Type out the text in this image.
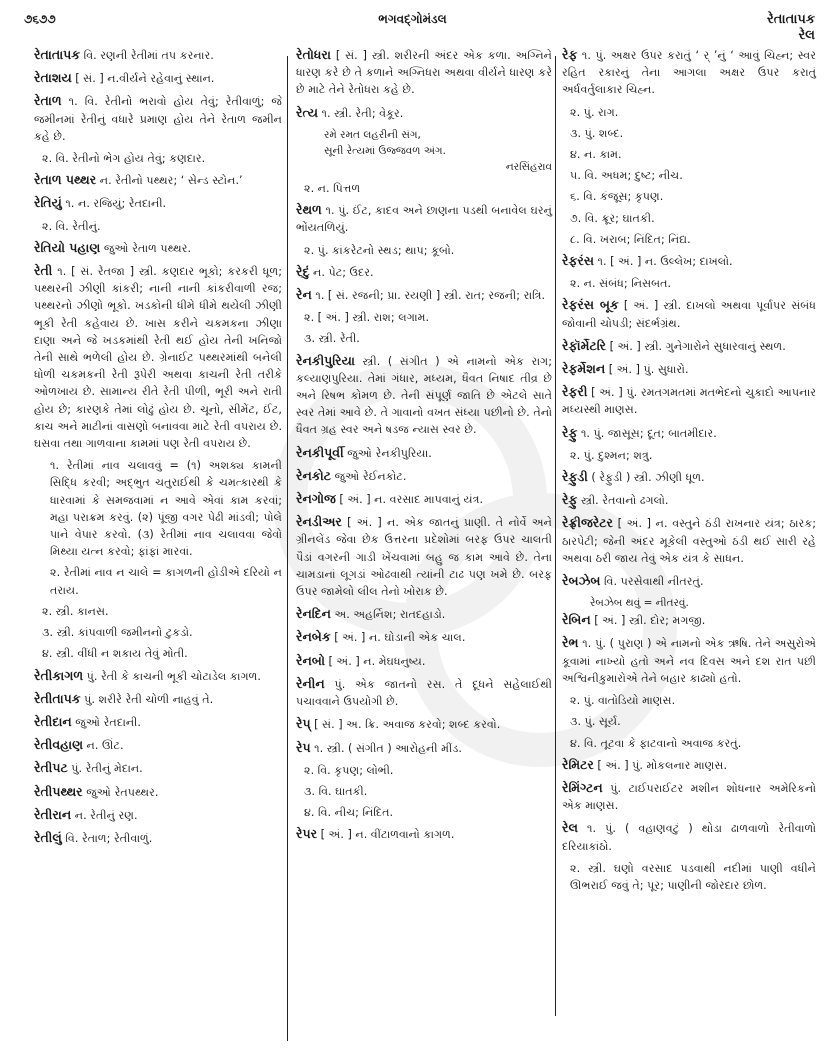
૭૬૭૭	ભગવદ્ગોમંડલ	રેતાતાપક
રેલ
રેતાતાપક વિ. રણની રેતીમાં તપ કરનાર.
રેતાશય [ સં. ] ન.વીર્યને રહેવાનું સ્થાન.
રેતાળ ૧. વિ. રેતીનો ભરાવો હોય તેવું; રેતીવાળું; જે જમીનમાં રેતીનું વધારે પ્રમાણ હોય તેને રેતાળ જમીન કહે છે.
૨. વિ. રેતીનો ભેગ હોય તેવું; કણદાર.
રેતાળ પથ્થર ન. રેતીનો પથ્થર; ‘ સેન્ડ સ્ટોન.’
રેતિયું ૧. ન. રજિયું; રેતદાની.
૨. વિ. રેતીનું.
રેતિયો પહાણ જુઓ રેતાળ પથ્થર.
રેતી ૧. [ સં. રેતજા ] સ્ત્રી. કણદાર ભૂકો; કરકરી ધૂળ; પથ્થરની ઝીણી કાંકરી; નાની નાની કાંકરીવાળી રજ; પથ્થરનો ઝીણો ભૂકો. ખડકોની ધીમે ધીમે થયેલી ઝીણી ભૂકી રેતી કહેવાય છે. ખાસ કરીને ચકમકના ઝીણા દાણા અને જે ખડકમાંથી રેતી થઈ હોય તેની ખનિજો તેની સાથે ભળેલી હોય છે. ગ્રેનાઈટ પથ્થરમાંથી બનેલી ધોળી ચકમકની રેતી રૂપેરી અથવા કાચની રેતી તરીકે ઓળખાય છે. સામાન્ય રીતે રેતી પીળી, ભૂરી અને રાતી હોય છે; કારણકે તેમાં લોઢું હોય છે. ચૂનો, સીમેંટ, ઈંટ, કાચ અને માટીનાં વાસણો બનાવવા માટે રેતી વપરાય છે. ઘસવા તથા ગાળવાના કામમાં પણ રેતી વપરાય છે.
૧. રેતીમાં નાવ ચલાવવું = (૧) અશક્ય કામની સિદ્ધિ કરવી; અદ્ભુત ચતુરાઈથી કે ચમત્કારથી કે ધારવામાં કે સમજવામાં ન આવે એવાં કામ કરવાં; મહા પરાક્રમ કરવું. (૨) પૂંજી વગર પેઢી માંડવી; પોલે પાને વેપાર કરવો. (૩) રેતીમાં નાવ ચલાવવા જેવો મિથ્યા યત્ન કરવો; ફાંફાં મારવાં.
૨. રેતીમાં નાવ ન ચાલે = કાગળની હોડીએ દરિયો ન તરાય.
૨. સ્ત્રી. કાનસ.
૩. સ્ત્રી. કાંપવાળી જમીનનો ટુકડો.
૪. સ્ત્રી. વીંધી ન શકાય તેવું મોતી.
રેતીકાગળ પું. રેતી કે કાચની ભૂકી ચોટાડેલ કાગળ.
રેતીતાપક પું. શરીરે રેતી ચોળી નાહવું તે.
રેતીદાન જુઓ રેતદાની.
રેતીવહાણ ન. ઊંટ.
રેતીપટ પું. રેતીનું મેદાન.
રેતીપથ્થર જુઓ રેતપથ્થર.
રેતીરાન ન. રેતીનું રણ.
રેતીલું વિ. રેતાળ; રેતીવાળું.
રેતોધરા [ સં. ] સ્ત્રી. શરીરની અંદર એક કળા. અગ્નિને ધારણ કરે છે તે કળાને અગ્નિધરા અથવા વીર્યને ધારણ કરે છે માટે તેને રેતોધરા કહે છે.
રેત્ય ૧. સ્ત્રી. રેતી; વેકૂર.
રમે રમત લહરીની સંગ,
સૂની રેત્યમાં ઉજ્જવળ અંગ.
નરસિંહરાવ
૨. ન. પિત્તળ
રેથળ ૧. પું. ઈંટ, કાદવ અને છાણના પડથી બનાવેલ ઘરનું ભોંયતળિયું.
૨. પું. કાંકરેટનો સ્થડ; થાપ; કૂબો.
રેદું ન. પેટ; ઉદર.
રેન ૧. [ સં. રજની; પ્રા. રયણી ] સ્ત્રી. રાત; રજની; રાત્રિ.
૨. [ અં. ] સ્ત્રી. રાશ; લગામ.
૩. સ્ત્રી. રેતી.
રેનકીપુરિયા સ્ત્રી. ( સંગીત ) એ નામનો એક રાગ; કલ્યાણપુરિયા. તેમાં ગંધાર, મધ્યમ, ધૈવત નિષાદ તીવ્ર છે અને રિષભ કોમળ છે. તેની સંપૂર્ણ જાતિ છે એટલે સાતે સ્વર તેમાં આવે છે. તે ગાવાનો વખત સંધ્યા પછીનો છે. તેનો ધૈવત ગ્રહ સ્વર અને ષડજ ન્યાસ સ્વર છે.
રેનકીપૂર્વી જુઓ રેનકીપુરિયા.
રેનકોટ જુઓ રેઈનકોટ.
રેનગોજ [ અં. ] ન. વરસાદ માપવાનું યંત્ર.
રેનડીઅર [ અં. ] ન. એક જાતનું પ્રાણી. તે નોર્વે અને ગ્રીનલેંડ જેવા છેક ઉત્તરના પ્રદેશોમાં બરફ ઉપર ચાલતી પૈડાં વગરની ગાડી ખેંચવામાં બહુ જ કામ આવે છે. તેના ચામડાનાં લૂગડાં ઓઢવાથી ત્યાંની ટાઢ પણ ખમે છે. બરફ ઉપર જામેલો લીલ તેનો ખોરાક છે.
રેનદિન અ. અહર્નિશ; રાતદહાડો.
રેનબેક [ અં. ] ન. ઘોડાની એક ચાલ.
રેનબો [ અં. ] ન. મેઘધનુષ્ય.
રેનીન પું. એક જાતનો રસ. તે દૂધને સહેલાઈથી પચાવવાને ઉપયોગી છે.
રેપ્ [ સં. ] અ. ક્રિ. અવાજ કરવો; શબ્દ કરવો.
રેપ ૧. સ્ત્રી. ( સંગીત ) આરોહની મીંડ.
૨. વિ. કૃપણ; લોભી.
૩. વિ. ઘાતકી.
૪. વિ. નીચ; નિંદિત.
રેપર [ અં. ] ન. વીંટાળવાનો કાગળ.
રેફ ૧. પું. અક્ષર ઉપર કરાતું ‘ ર્ ’નું ‘ આવું ચિહ્ન; સ્વર રહિત રકારનું તેના આગલા અક્ષર ઉપર કરાતું અર્ધવર્તુલાકાર ચિહ્ન.
૨. પું. રાગ.
૩. પું. શબ્દ.
૪. ન. કામ.
૫. વિ. અધમ; દુષ્ટ; નીચ.
૬. વિ. કંજૂસ; કૃપણ.
૭. વિ. ક્રૂર; ઘાતકી.
૮. વિ. ખરાબ; નિંદિત; નિંદ્ય.
રેફરંસ ૧. [ અં. ] ન. ઉલ્લેખ; દાખલો.
૨. ન. સંબંધ; નિસબત.
રેફરંસ બૂક [ અં. ] સ્ત્રી. દાખલો અથવા પૂર્વાપર સંબંધ જોવાની ચોપડી; સંદર્ભગ્રંથ.
રેફૉર્મેટરિ [ અં. ] સ્ત્રી. ગુનેગારોને સુધારવાનું સ્થળ.
રેફર્મેશન [ અં. ] પું. સુધારો.
રેફરી [ અં. ] પું. રમતગમતમાં મતભેદનો ચુકાદો આપનાર મધ્યસ્થી માણસ.
રેફુ ૧. પું. જાસૂસ; દૂત; બાતમીદાર.
૨. પું. દુશ્મન; શત્રુ.
રેફુડી ( રેફુડી ) સ્ત્રી. ઝીણી ધૂળ.
રેફુ સ્ત્રી. રેતવાનો ઢગલો.
રેફ્રીજરેટર [ અં. ] ન. વસ્તુને ઠંડી રાખનાર યંત્ર; ઠારક; ઠારપેટી; જેની અંદર મૂકેલી વસ્તુઓ ઠંડી થઈ સારી રહે અથવા ઠરી જાય તેવું એક યંત્ર કે સાધન.
રેબઝેબ વિ. પરસેવાથી નીતરતું.
રેબઝેબ થવું = નીતરવું.
રેબિન [ અં. ] સ્ત્રી. દોર; મગજી.
રેભ ૧. પું. ( પુરાણ ) એ નામનો એક ઋષિ. તેને અસુરોએ કૂવામાં નાખ્યો હતો અને નવ દિવસ અને દશ રાત પછી અશ્વિનીકુમારોએ તેને બહાર કાઢ્યો હતો.
૨. પું. વાતોડિયો માણસ.
૩. પું. સૂર્ય.
૪. વિ. તૂટવા કે ફાટવાનો અવાજ કરતું.
રેમિટર [ અં. ] પું. મોકલનાર માણસ.
રેમિંગ્ટન પું. ટાઈપરાઈટર મશીન શોધનાર અમેરિકનો એક માણસ.
રેલ ૧. પું. ( વહાણવટું ) થોડા ઢાળવાળો રેતીવાળો દરિયાકાંઠો.
૨. સ્ત્રી. ઘણો વરસાદ પડવાથી નદીમાં પાણી વધીને ઊભરાઈ જવું તે; પૂર; પાણીની જોરદાર છોળ.
